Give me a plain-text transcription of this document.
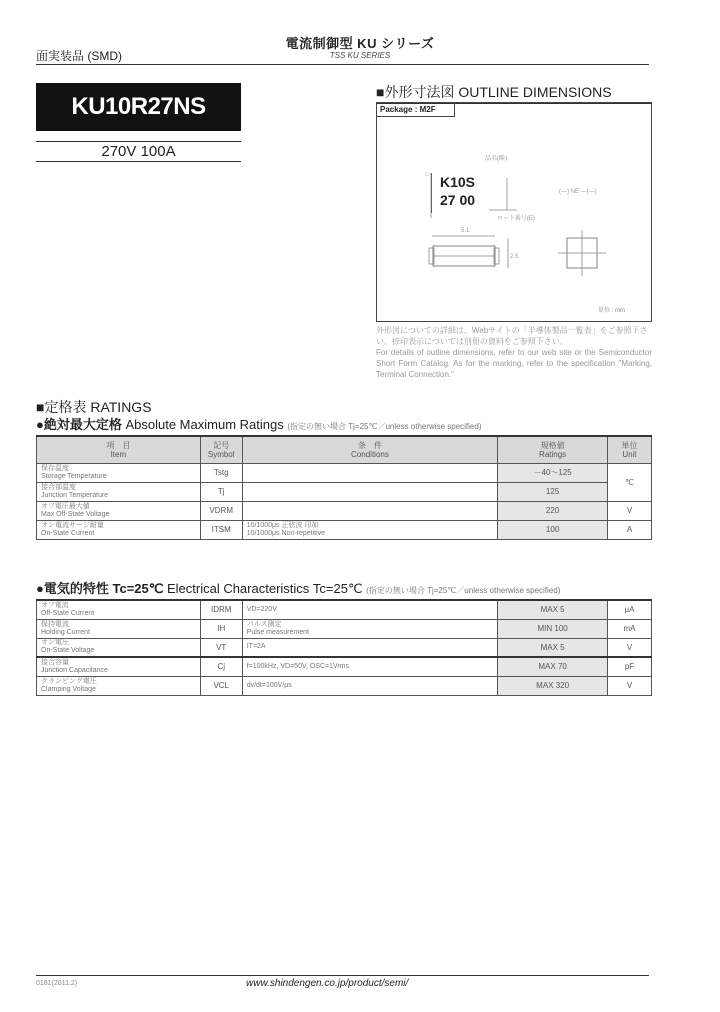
電流制御型 KU シリーズ
TSS KU SERIES
面実装品 (SMD)
KU10R27NS
270V 100A
■外形寸法図 OUTLINE DIMENSIONS
Package : M2F
品名(略)
□
ロット番号(E)
5.1
2.5
(—) NE —(—)
K10S
27 00
単位 : mm
外形図についての詳細は、Webサイトの「半導体製品一覧表」をご参照下さい。捺印表示については別冊の資料をご参照下さい。
For details of outline dimensions, refer to our web site or the Semiconductor Short Form Catalog. As for the marking, refer to the specification "Marking, Terminal Connection."
■定格表 RATINGS
●絶対最大定格 Absolute Maximum Ratings (指定の無い場合 Tj=25℃／unless otherwise specified)
項　目
Item	記号
Symbol	条　件
Conditions	規格値
Ratings	単位
Unit
保存温度
Storage Temperature	Tstg		－40～125	℃
接合部温度
Junction Temperature	Tj		125	
オフ電圧最大値
Max Off-State Voltage	VDRM		220	V
オン電流サージ耐量
On-State Current	ITSM	10/1000μs 正弦波 印加
10/1000μs Non-repetitive	100	A
●電気的特性 Tc=25℃ Electrical Characteristics Tc=25℃ (指定の無い場合 Tj=25℃／unless otherwise specified)
オフ電流
Off-State Current	IDRM	VD=220V	MAX 5	μA
保持電流
Holding Current	IH	パルス測定
Pulse measurement	MIN 100	mA
オン電圧
On-State Voltage	VT	IT=2A	MAX 5	V
接合容量
Junction Capacitance	Cj	f=100kHz, VD=50V, OSC=1Vrms	MAX 70	pF
クランピング電圧
Clamping Voltage	VCL	dv/dt=100V/μs	MAX 320	V
0181(2011.2)	www.shindengen.co.jp/product/semi/
